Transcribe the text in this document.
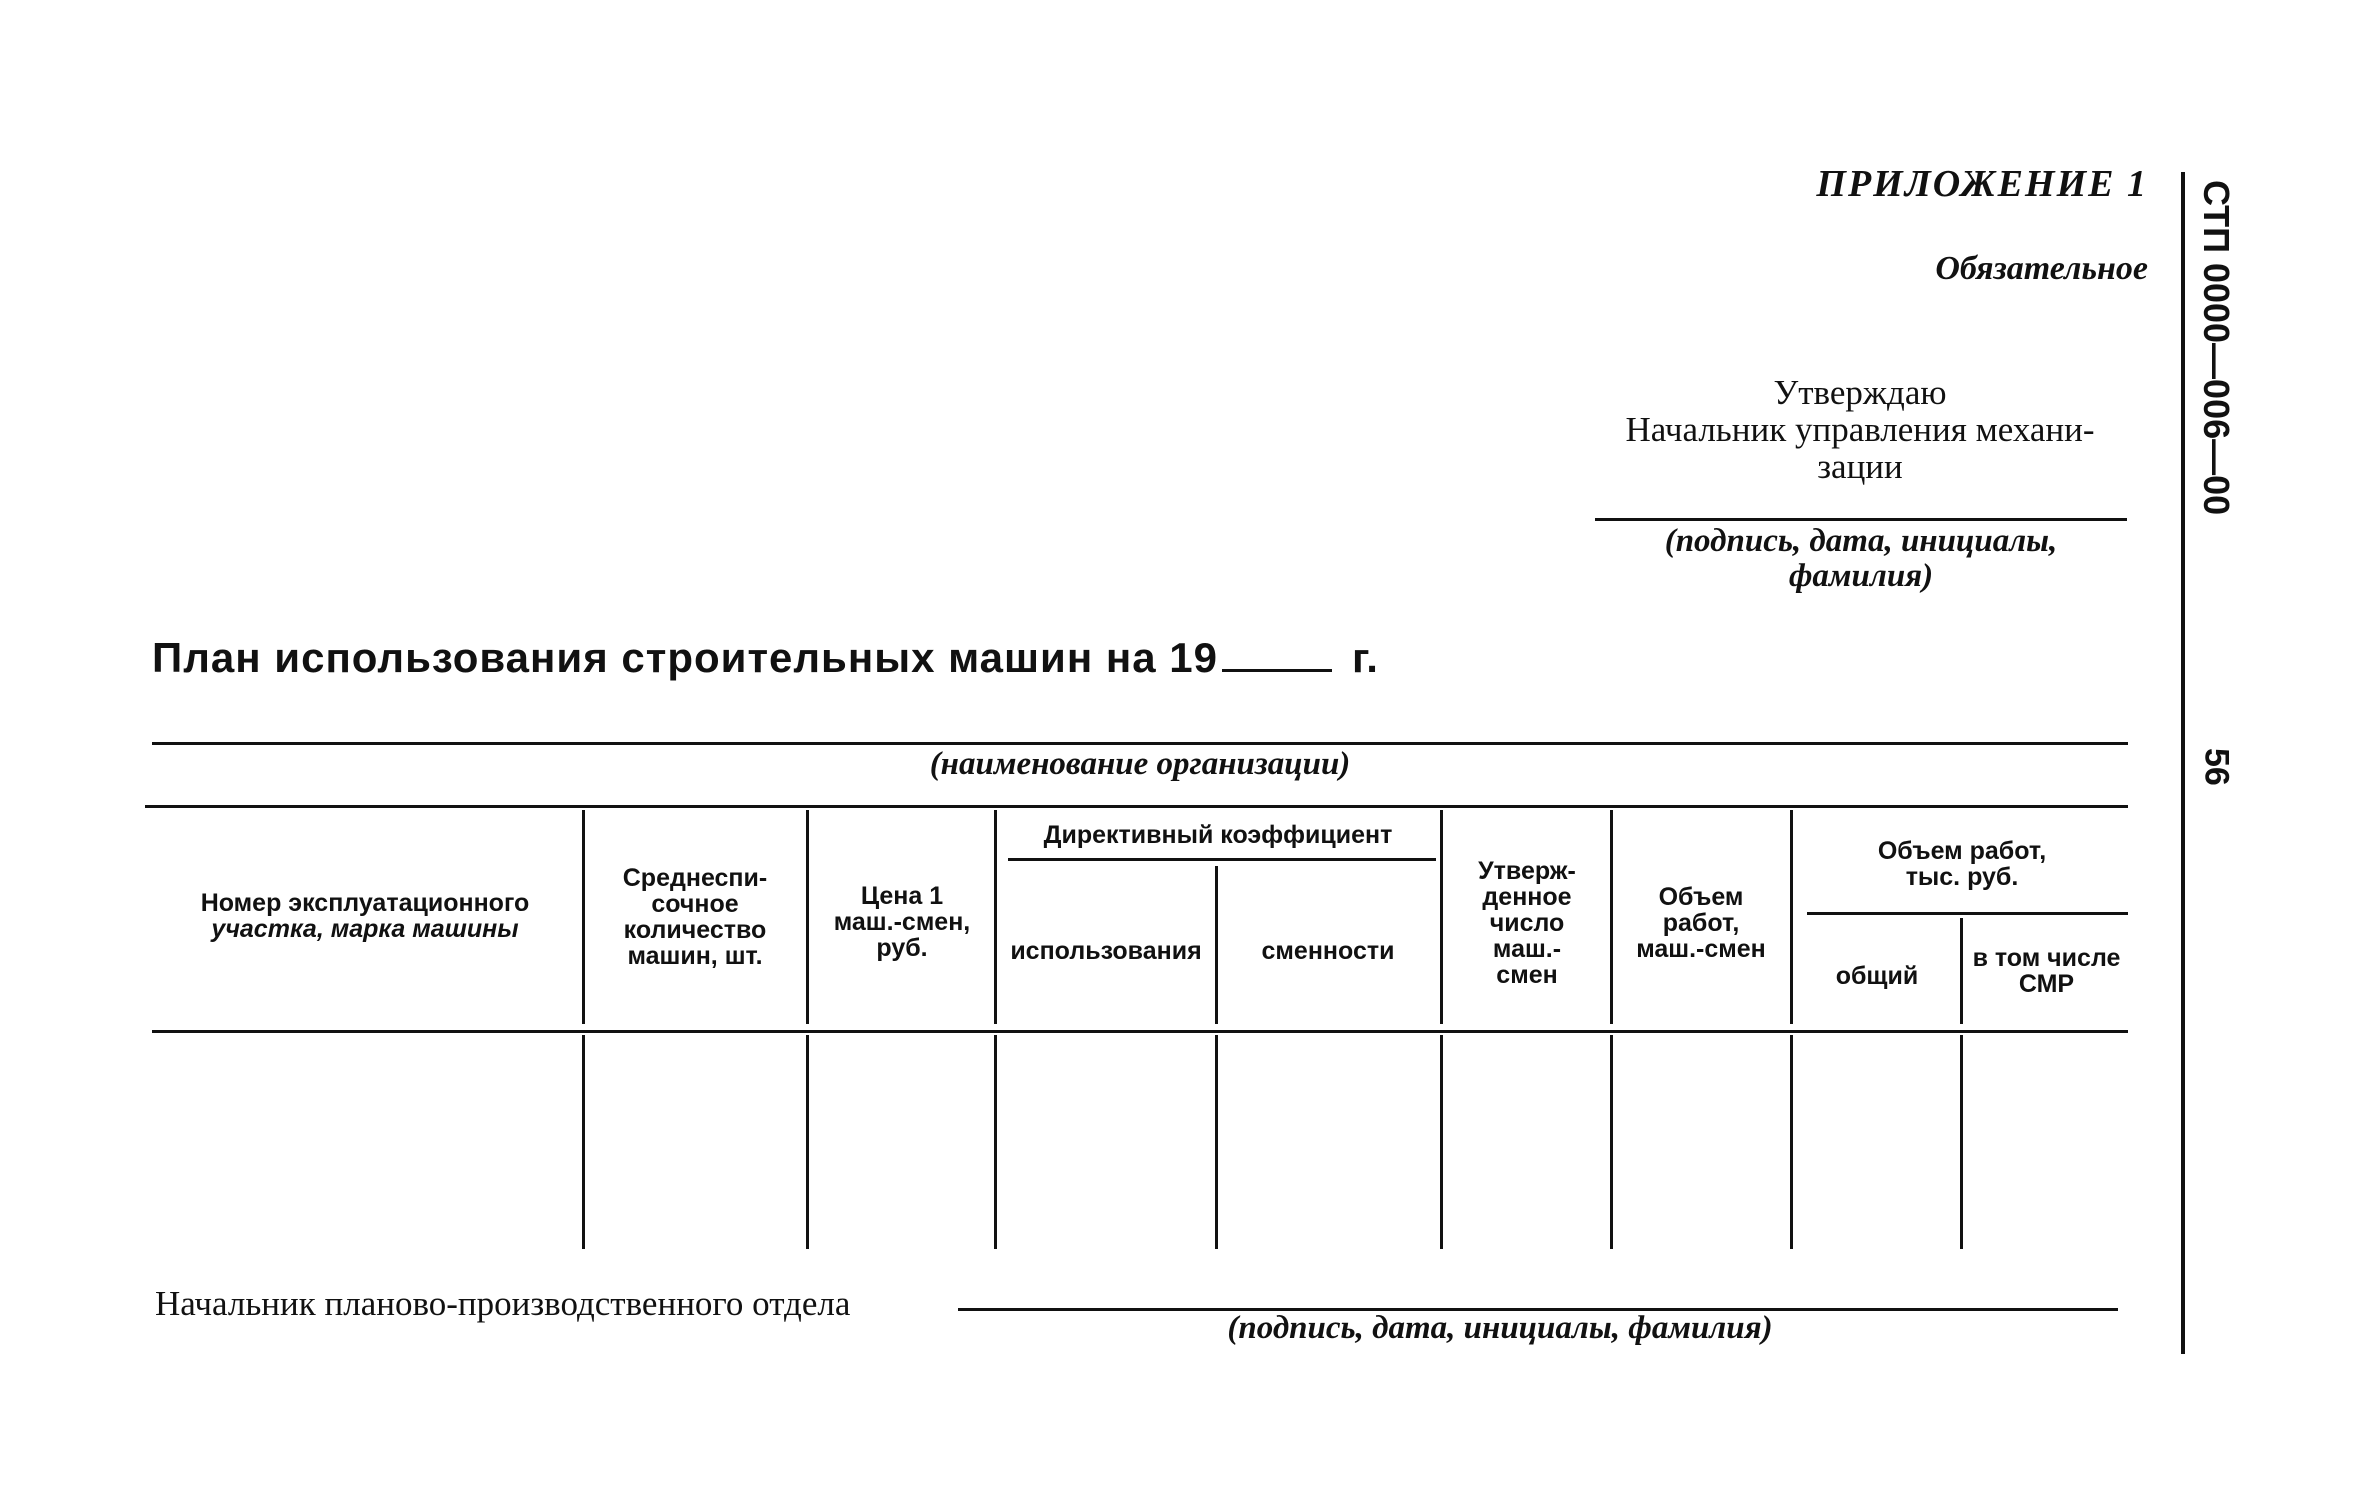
ПРИЛОЖЕНИЕ 1
Обязательное
Утверждаю
Начальник управления механи-
зации
(подпись, дата, инициалы,
фамилия)
План использования строительных машин на 19	г.
(наименование организации)
Номер эксплуатационного
участка, марка машины
Среднеспи-
сочное
количество
машин, шт.
Цена 1
маш.-смен,
руб.
Директивный коэффициент
использования	сменности
Утверж-
денное
число
маш.-
смен
Объем
работ,
маш.-смен
Объем работ,
тыс. руб.
общий
в том числе
СМР
Начальник планово-производственного отдела
(подпись, дата, инициалы, фамилия)
СТП 0000—006—00
56
